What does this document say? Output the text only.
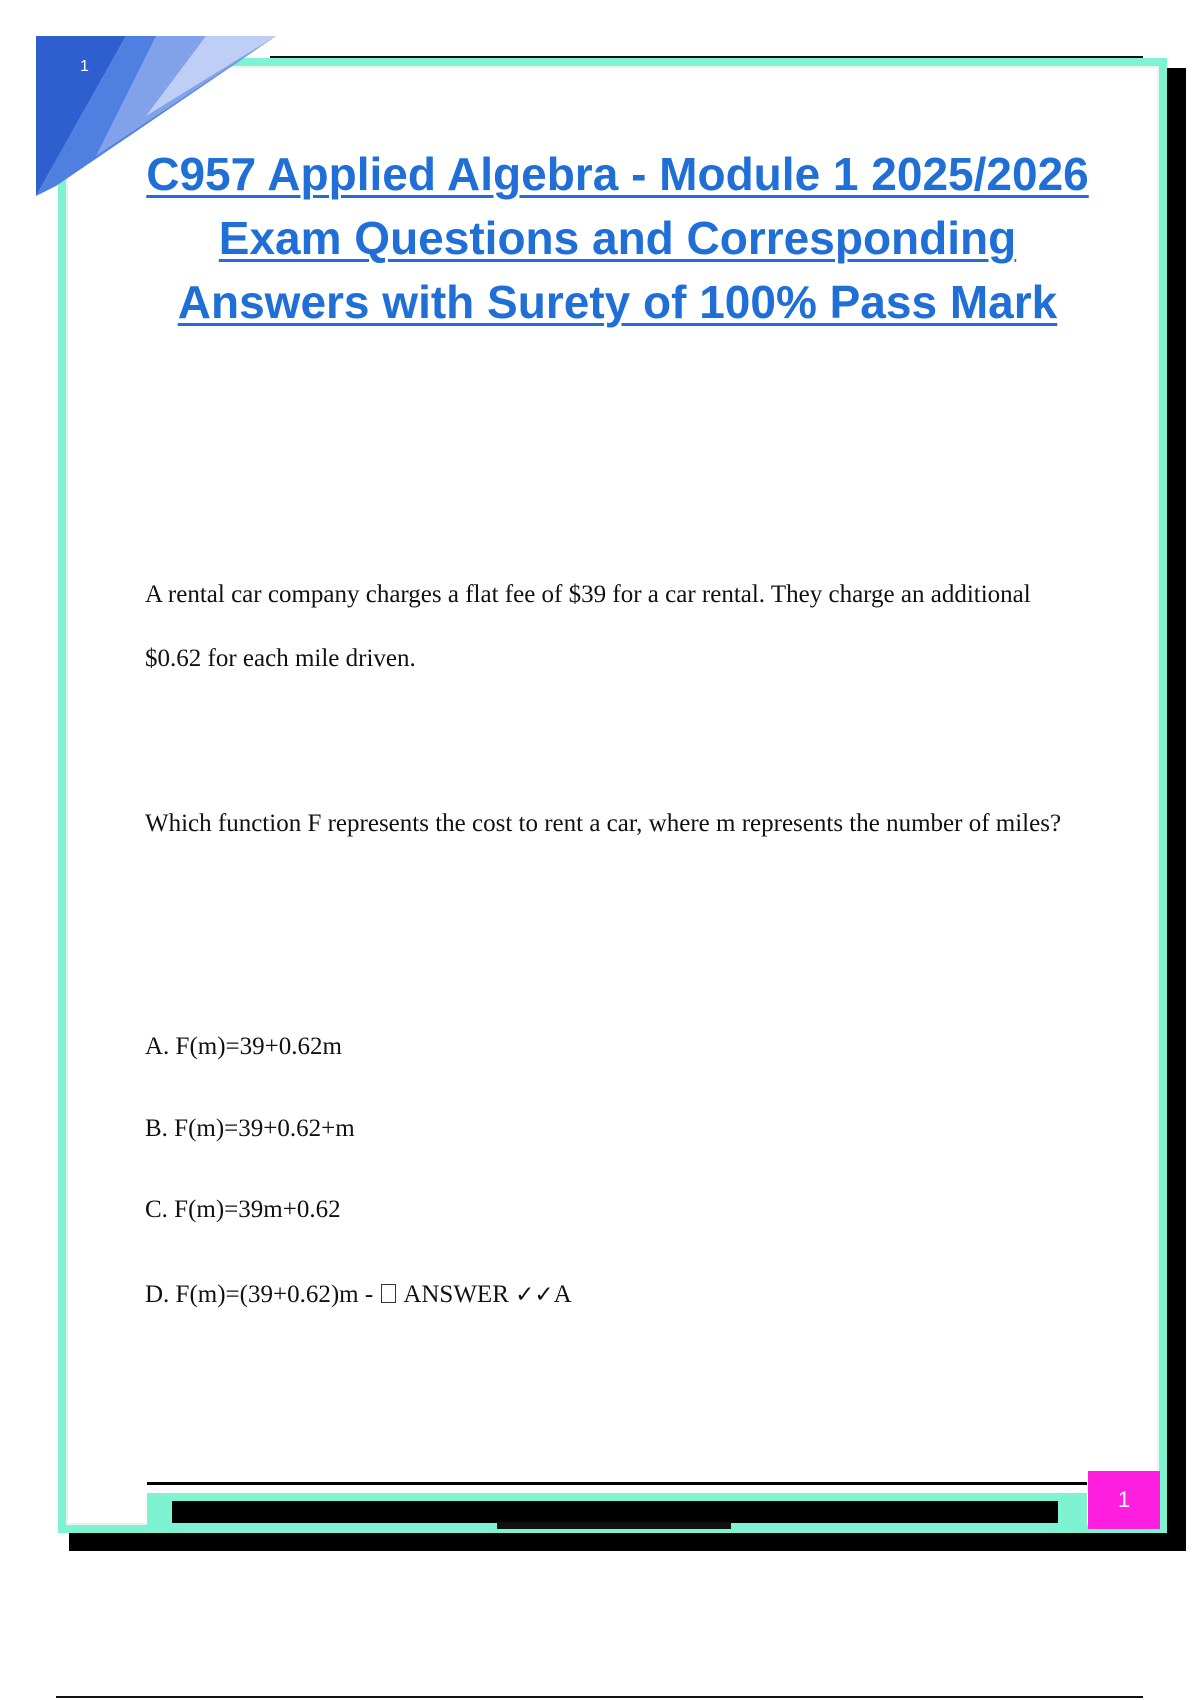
1
C957 Applied Algebra - Module 1 2025/2026 Exam Questions and Corresponding Answers with Surety of 100% Pass Mark

A rental car company charges a flat fee of $39 for a car rental. They charge an additional $0.62 for each mile driven.

Which function F represents the cost to rent a car, where m represents the number of miles?

A. F(m)=39+0.62m

B. F(m)=39+0.62+m

C. F(m)=39m+0.62

D. F(m)=(39+0.62)m -  ANSWER ✓✓A

1
